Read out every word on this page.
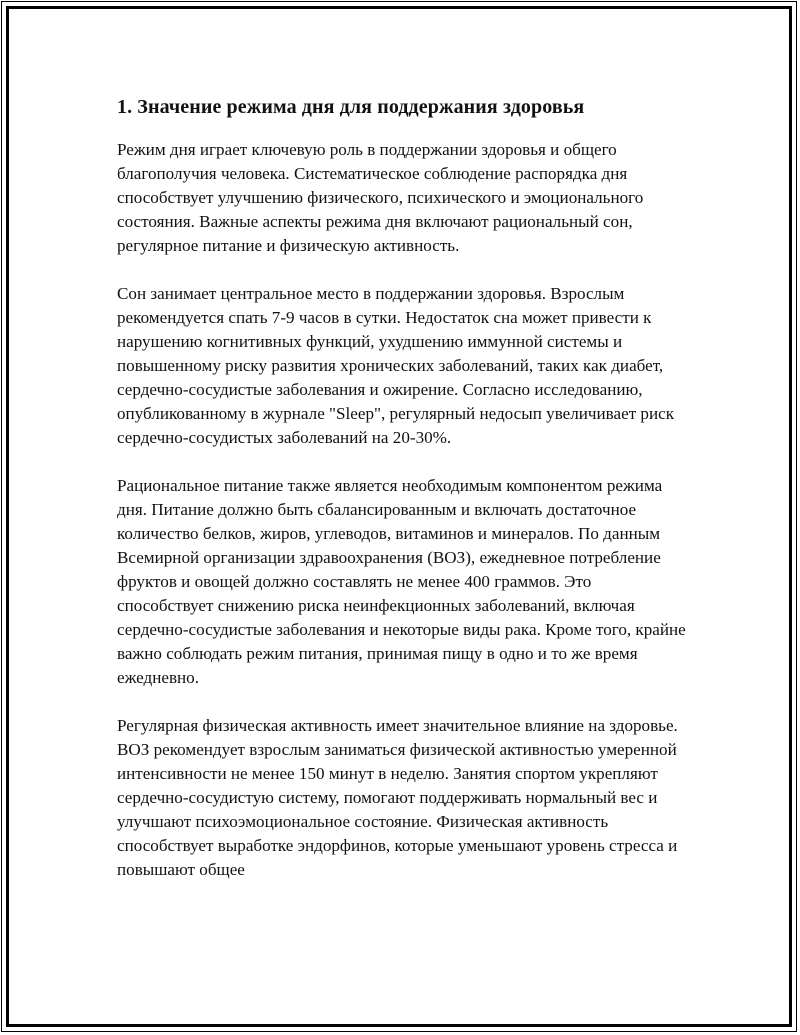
1. Значение режима дня для поддержания здоровья

Режим дня играет ключевую роль в поддержании здоровья и общего благополучия человека. Систематическое соблюдение распорядка дня способствует улучшению физического, психического и эмоционального состояния. Важные аспекты режима дня включают рациональный сон, регулярное питание и физическую активность.

Сон занимает центральное место в поддержании здоровья. Взрослым рекомендуется спать 7-9 часов в сутки. Недостаток сна может привести к нарушению когнитивных функций, ухудшению иммунной системы и повышенному риску развития хронических заболеваний, таких как диабет, сердечно-сосудистые заболевания и ожирение. Согласно исследованию, опубликованному в журнале "Sleep", регулярный недосып увеличивает риск сердечно-сосудистых заболеваний на 20-30%.

Рациональное питание также является необходимым компонентом режима дня. Питание должно быть сбалансированным и включать достаточное количество белков, жиров, углеводов, витаминов и минералов. По данным Всемирной организации здравоохранения (ВОЗ), ежедневное потребление фруктов и овощей должно составлять не менее 400 граммов. Это способствует снижению риска неинфекционных заболеваний, включая сердечно-сосудистые заболевания и некоторые виды рака. Кроме того, крайне важно соблюдать режим питания, принимая пищу в одно и то же время ежедневно.

Регулярная физическая активность имеет значительное влияние на здоровье. ВОЗ рекомендует взрослым заниматься физической активностью умеренной интенсивности не менее 150 минут в неделю. Занятия спортом укрепляют сердечно-сосудистую систему, помогают поддерживать нормальный вес и улучшают психоэмоциональное состояние. Физическая активность способствует выработке эндорфинов, которые уменьшают уровень стресса и повышают общее
